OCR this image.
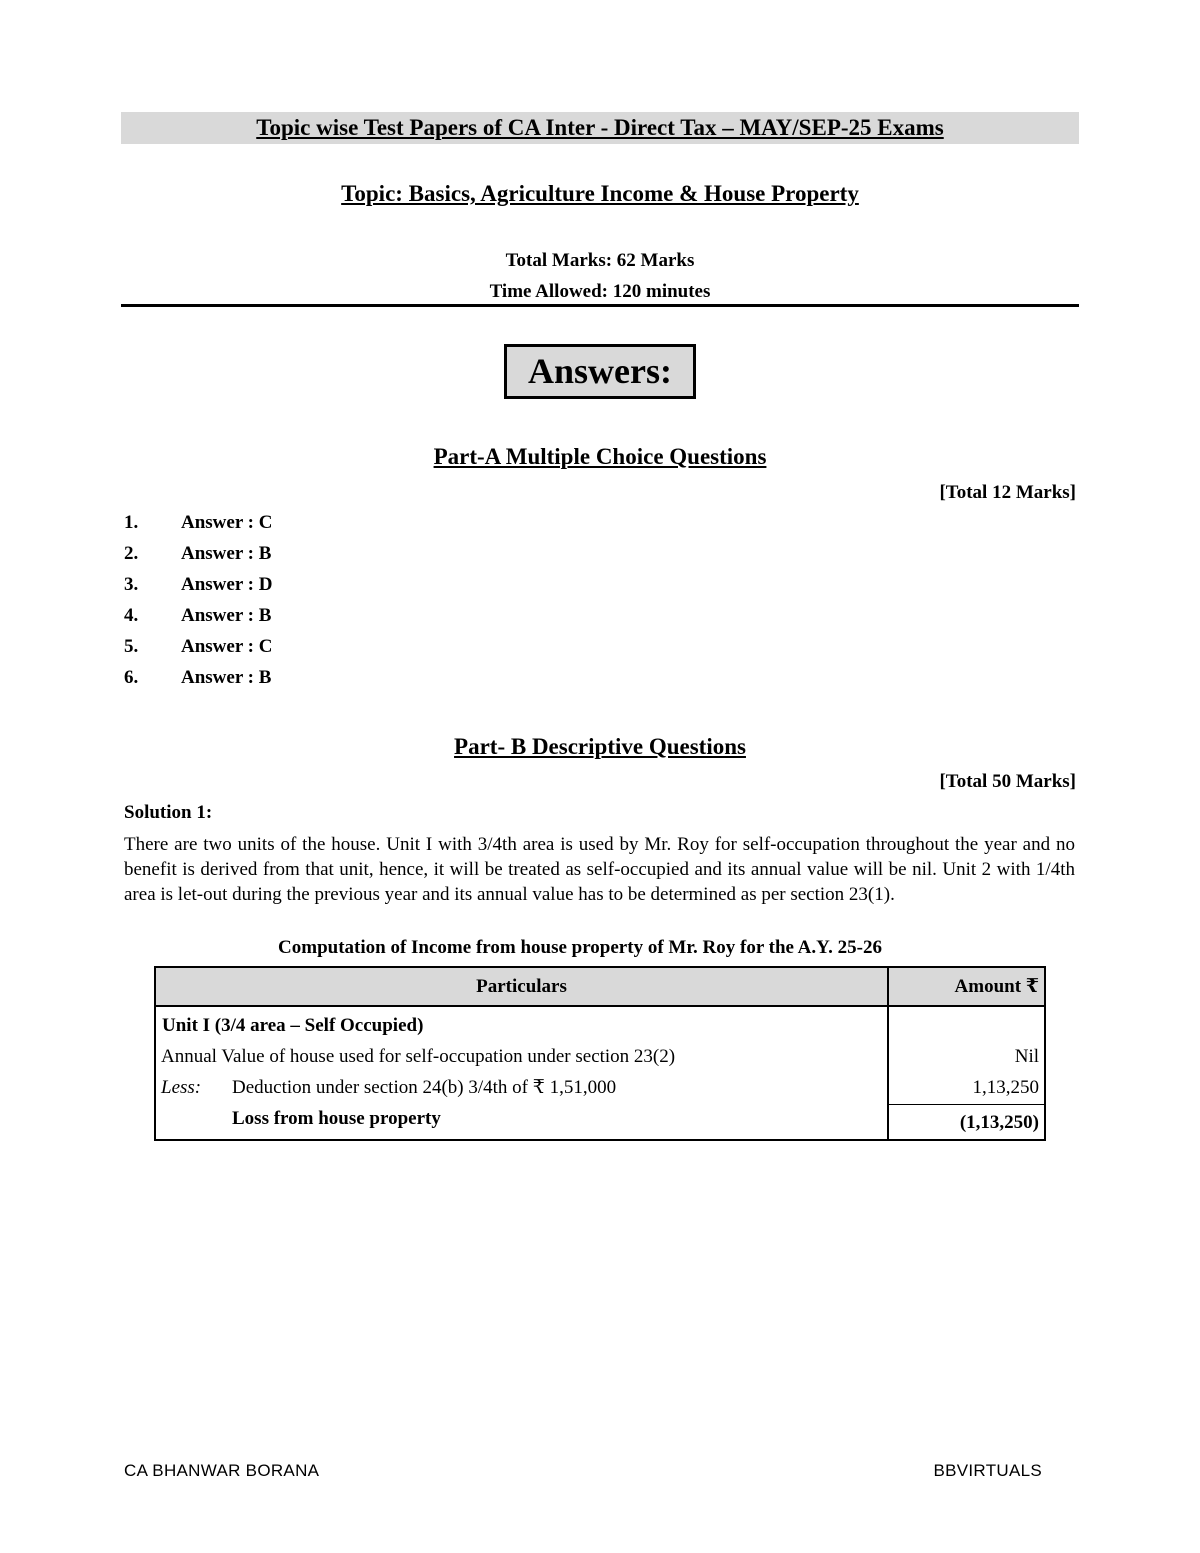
Topic wise Test Papers of CA Inter - Direct Tax – MAY/SEP-25 Exams
Topic: Basics, Agriculture Income & House Property
Total Marks: 62 Marks
Time Allowed: 120 minutes
Answers:
Part-A Multiple Choice Questions
[Total 12 Marks]
1. Answer : C
2. Answer : B
3. Answer : D
4. Answer : B
5. Answer : C
6. Answer : B
Part- B Descriptive Questions
[Total 50 Marks]
Solution 1:
There are two units of the house. Unit I with 3/4th area is used by Mr. Roy for self-occupation throughout the year and no benefit is derived from that unit, hence, it will be treated as self-occupied and its annual value will be nil. Unit 2 with 1/4th area is let-out during the previous year and its annual value has to be determined as per section 23(1).
Computation of Income from house property of Mr. Roy for the A.Y. 25-26
Particulars	Amount ₹
Unit I (3/4 area – Self Occupied)
Annual Value of house used for self-occupation under section 23(2)	Nil
Less: Deduction under section 24(b) 3/4th of ₹ 1,51,000	1,13,250
Loss from house property	(1,13,250)
CA BHANWAR BORANA	BBVIRTUALS
